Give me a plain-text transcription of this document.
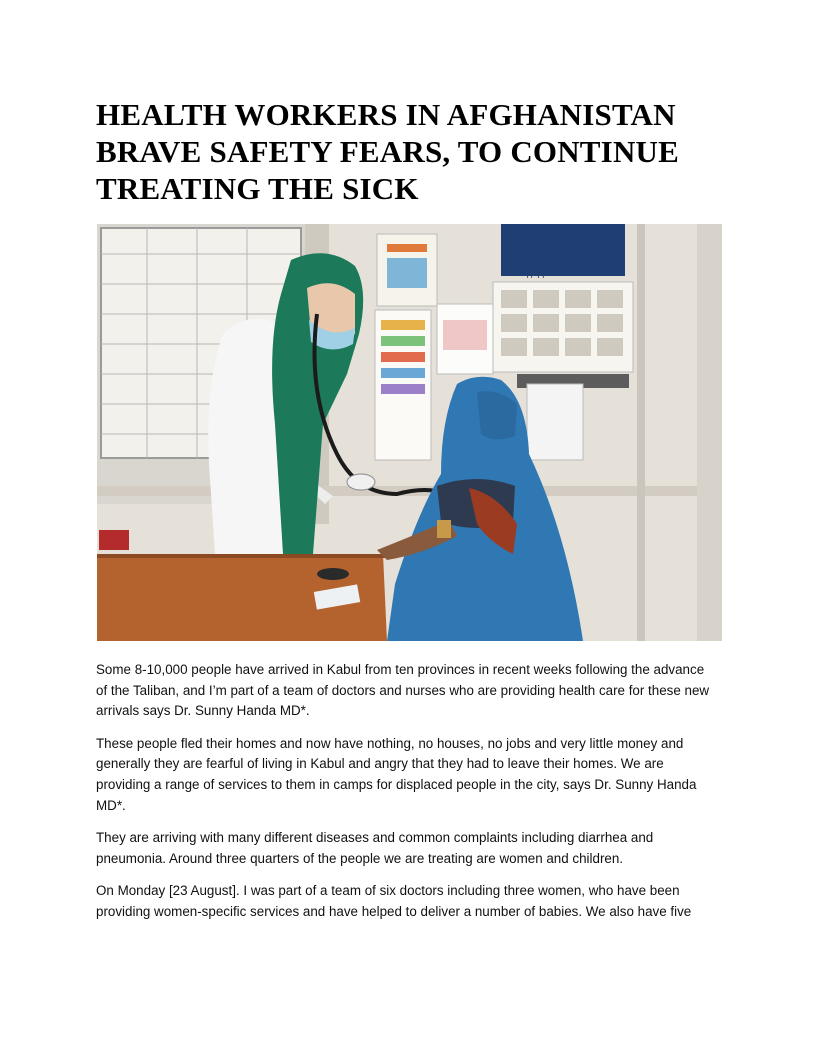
HEALTH WORKERS IN AFGHANISTAN
BRAVE SAFETY FEARS, TO CONTINUE
TREATING THE SICK
۱۳۹۹

Some 8-10,000 people have arrived in Kabul from ten provinces in recent weeks following the advance
of the Taliban, and I’m part of a team of doctors and nurses who are providing health care for these new
arrivals says Dr. Sunny Handa MD*.

These people fled their homes and now have nothing, no houses, no jobs and very little money and
generally they are fearful of living in Kabul and angry that they had to leave their homes. We are
providing a range of services to them in camps for displaced people in the city, says Dr. Sunny Handa
MD*.

They are arriving with many different diseases and common complaints including diarrhea and
pneumonia. Around three quarters of the people we are treating are women and children.

On Monday [23 August]. I was part of a team of six doctors including three women, who have been
providing women-specific services and have helped to deliver a number of babies. We also have five
